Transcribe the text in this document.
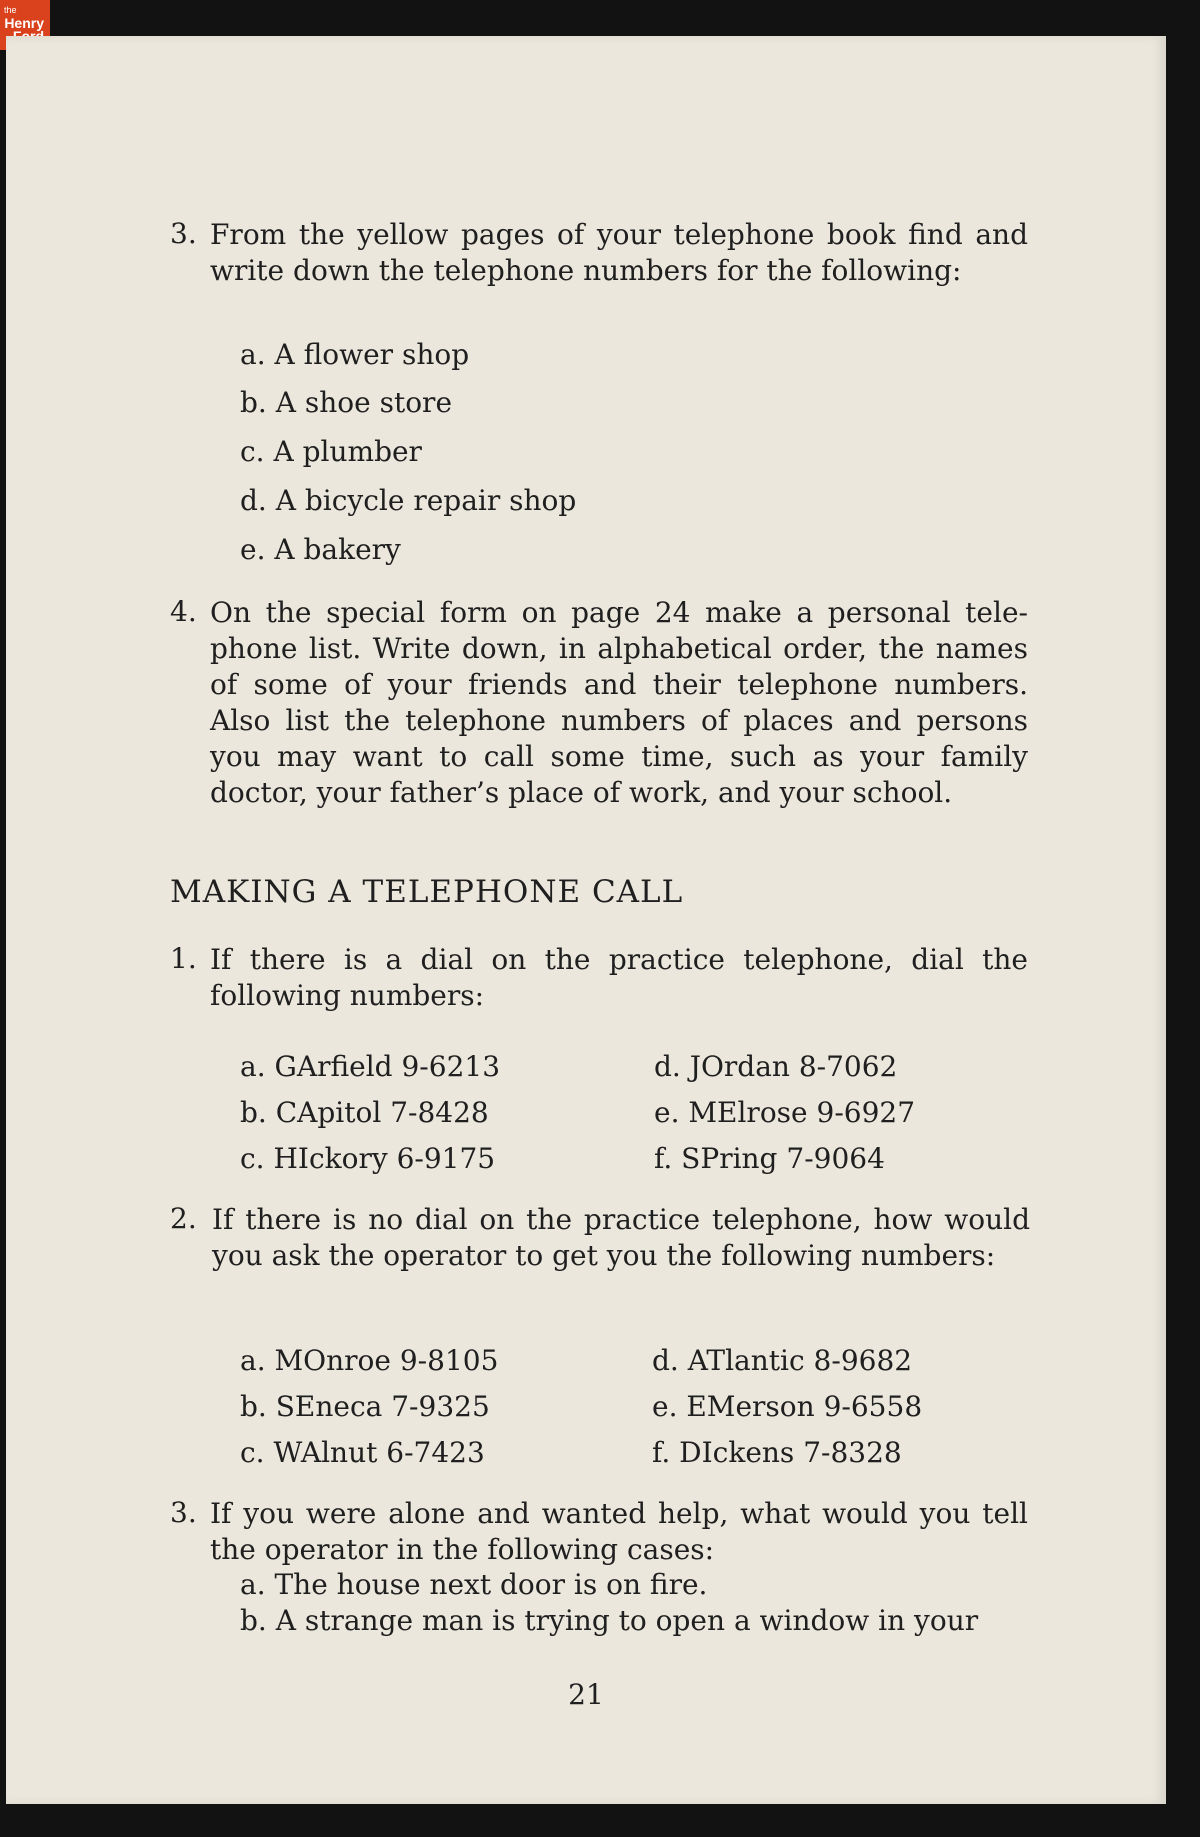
the
Henry

3. From the yellow pages of your telephone book find and write down the telephone numbers for the following:
a. A flower shop
b. A shoe store
c. A plumber
d. A bicycle repair shop
e. A bakery
4. On the special form on page 24 make a personal telephone list. Write down, in alphabetical order, the names of some of your friends and their telephone numbers. Also list the telephone numbers of places and persons you may want to call some time, such as your family doctor, your father’s place of work, and your school.
MAKING A TELEPHONE CALL
1. If there is a dial on the practice telephone, dial the following numbers:
a. GArfield 9-6213
b. CApitol 7-8428
c. HIckory 6-9175
d. JOrdan 8-7062
e. MElrose 9-6927
f. SPring 7-9064
2. If there is no dial on the practice telephone, how would you ask the operator to get you the following numbers:
a. MOnroe 9-8105
b. SEneca 7-9325
c. WAlnut 6-7423
d. ATlantic 8-9682
e. EMerson 9-6558
f. DIckens 7-8328
3. If you were alone and wanted help, what would you tell the operator in the following cases:
a. The house next door is on fire.
b. A strange man is trying to open a window in your
21
